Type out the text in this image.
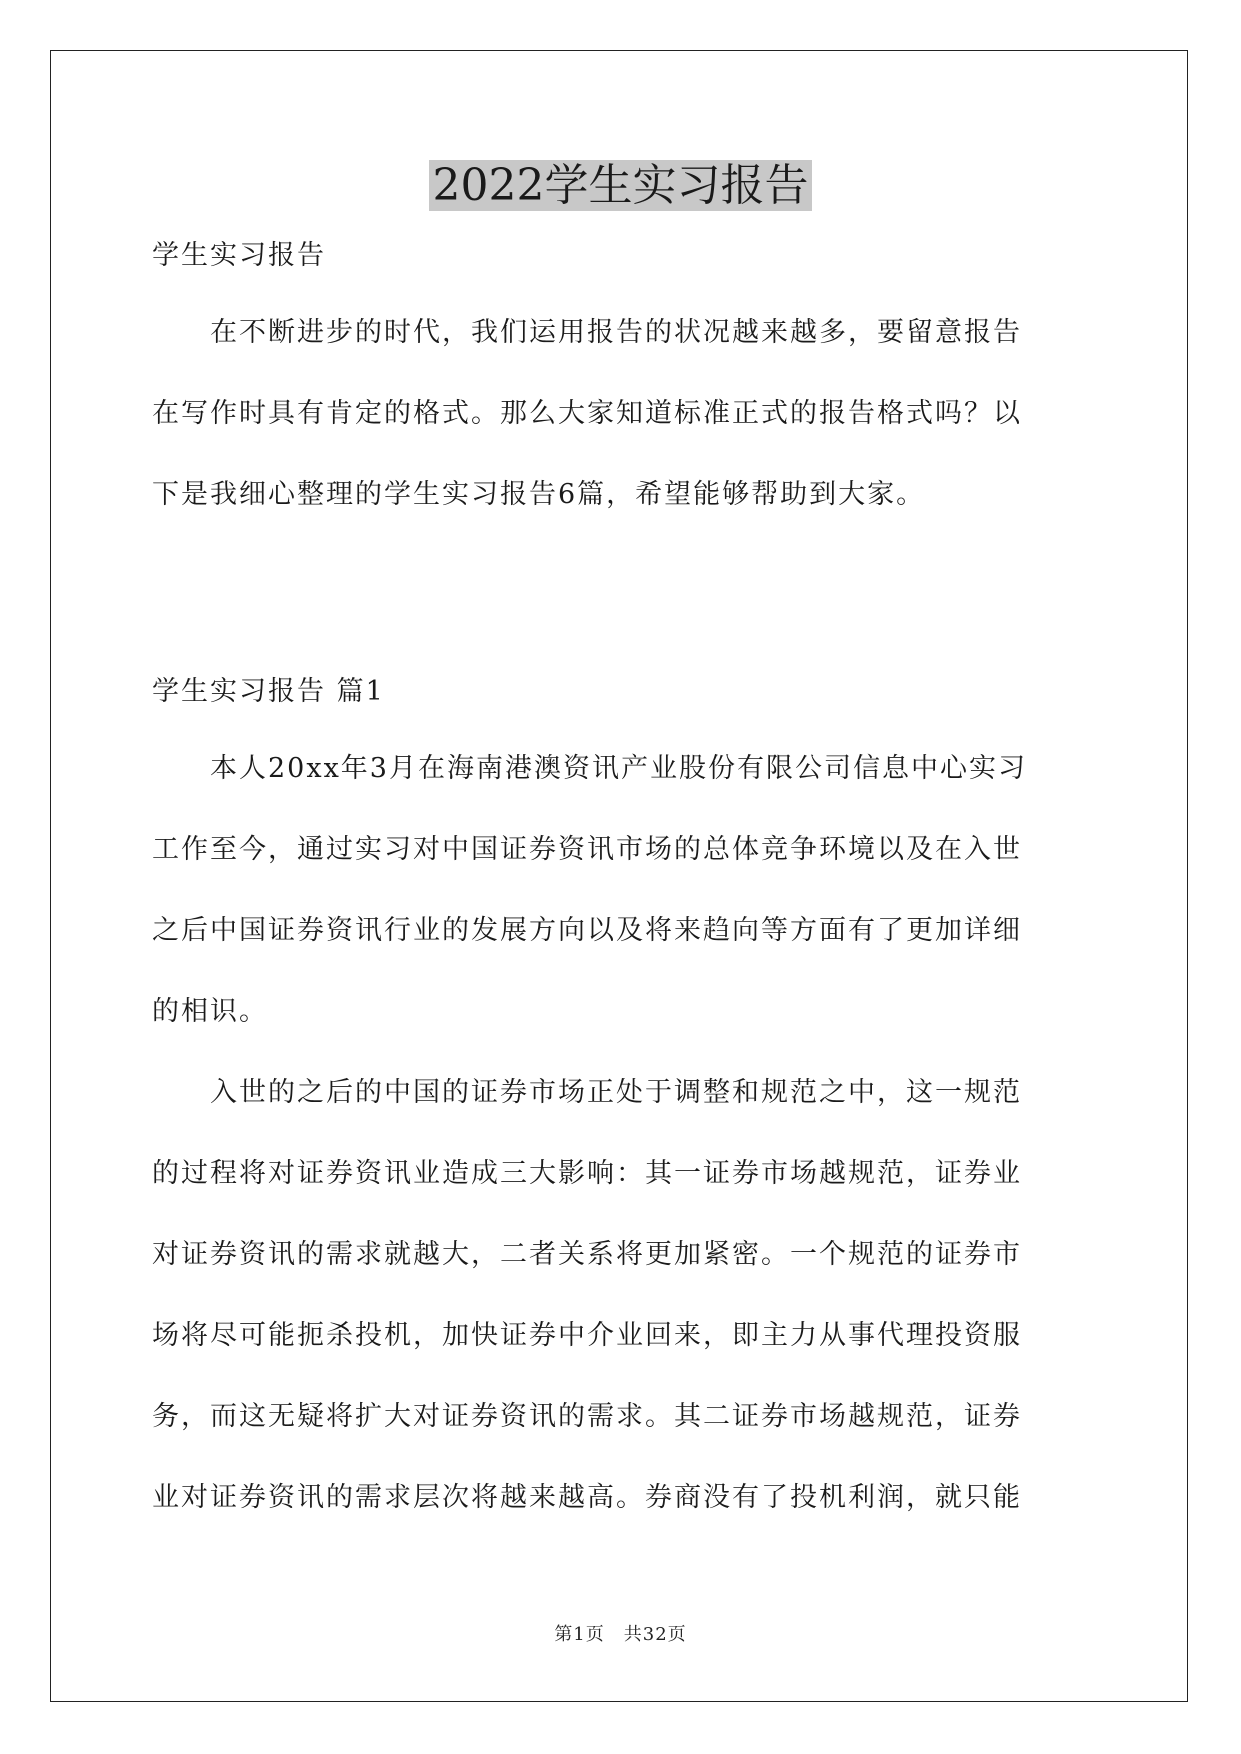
2022学生实习报告
学生实习报告
在不断进步的时代，我们运用报告的状况越来越多，要留意报告
在写作时具有肯定的格式。那么大家知道标准正式的报告格式吗？以
下是我细心整理的学生实习报告6篇，希望能够帮助到大家。
学生实习报告 篇1
本人20xx年3月在海南港澳资讯产业股份有限公司信息中心实习
工作至今，通过实习对中国证券资讯市场的总体竞争环境以及在入世
之后中国证券资讯行业的发展方向以及将来趋向等方面有了更加详细
的相识。
入世的之后的中国的证券市场正处于调整和规范之中，这一规范
的过程将对证券资讯业造成三大影响：其一证券市场越规范，证券业
对证券资讯的需求就越大，二者关系将更加紧密。一个规范的证券市
场将尽可能扼杀投机，加快证券中介业回来，即主力从事代理投资服
务，而这无疑将扩大对证券资讯的需求。其二证券市场越规范，证券
业对证券资讯的需求层次将越来越高。券商没有了投机利润，就只能
第1页　共32页
